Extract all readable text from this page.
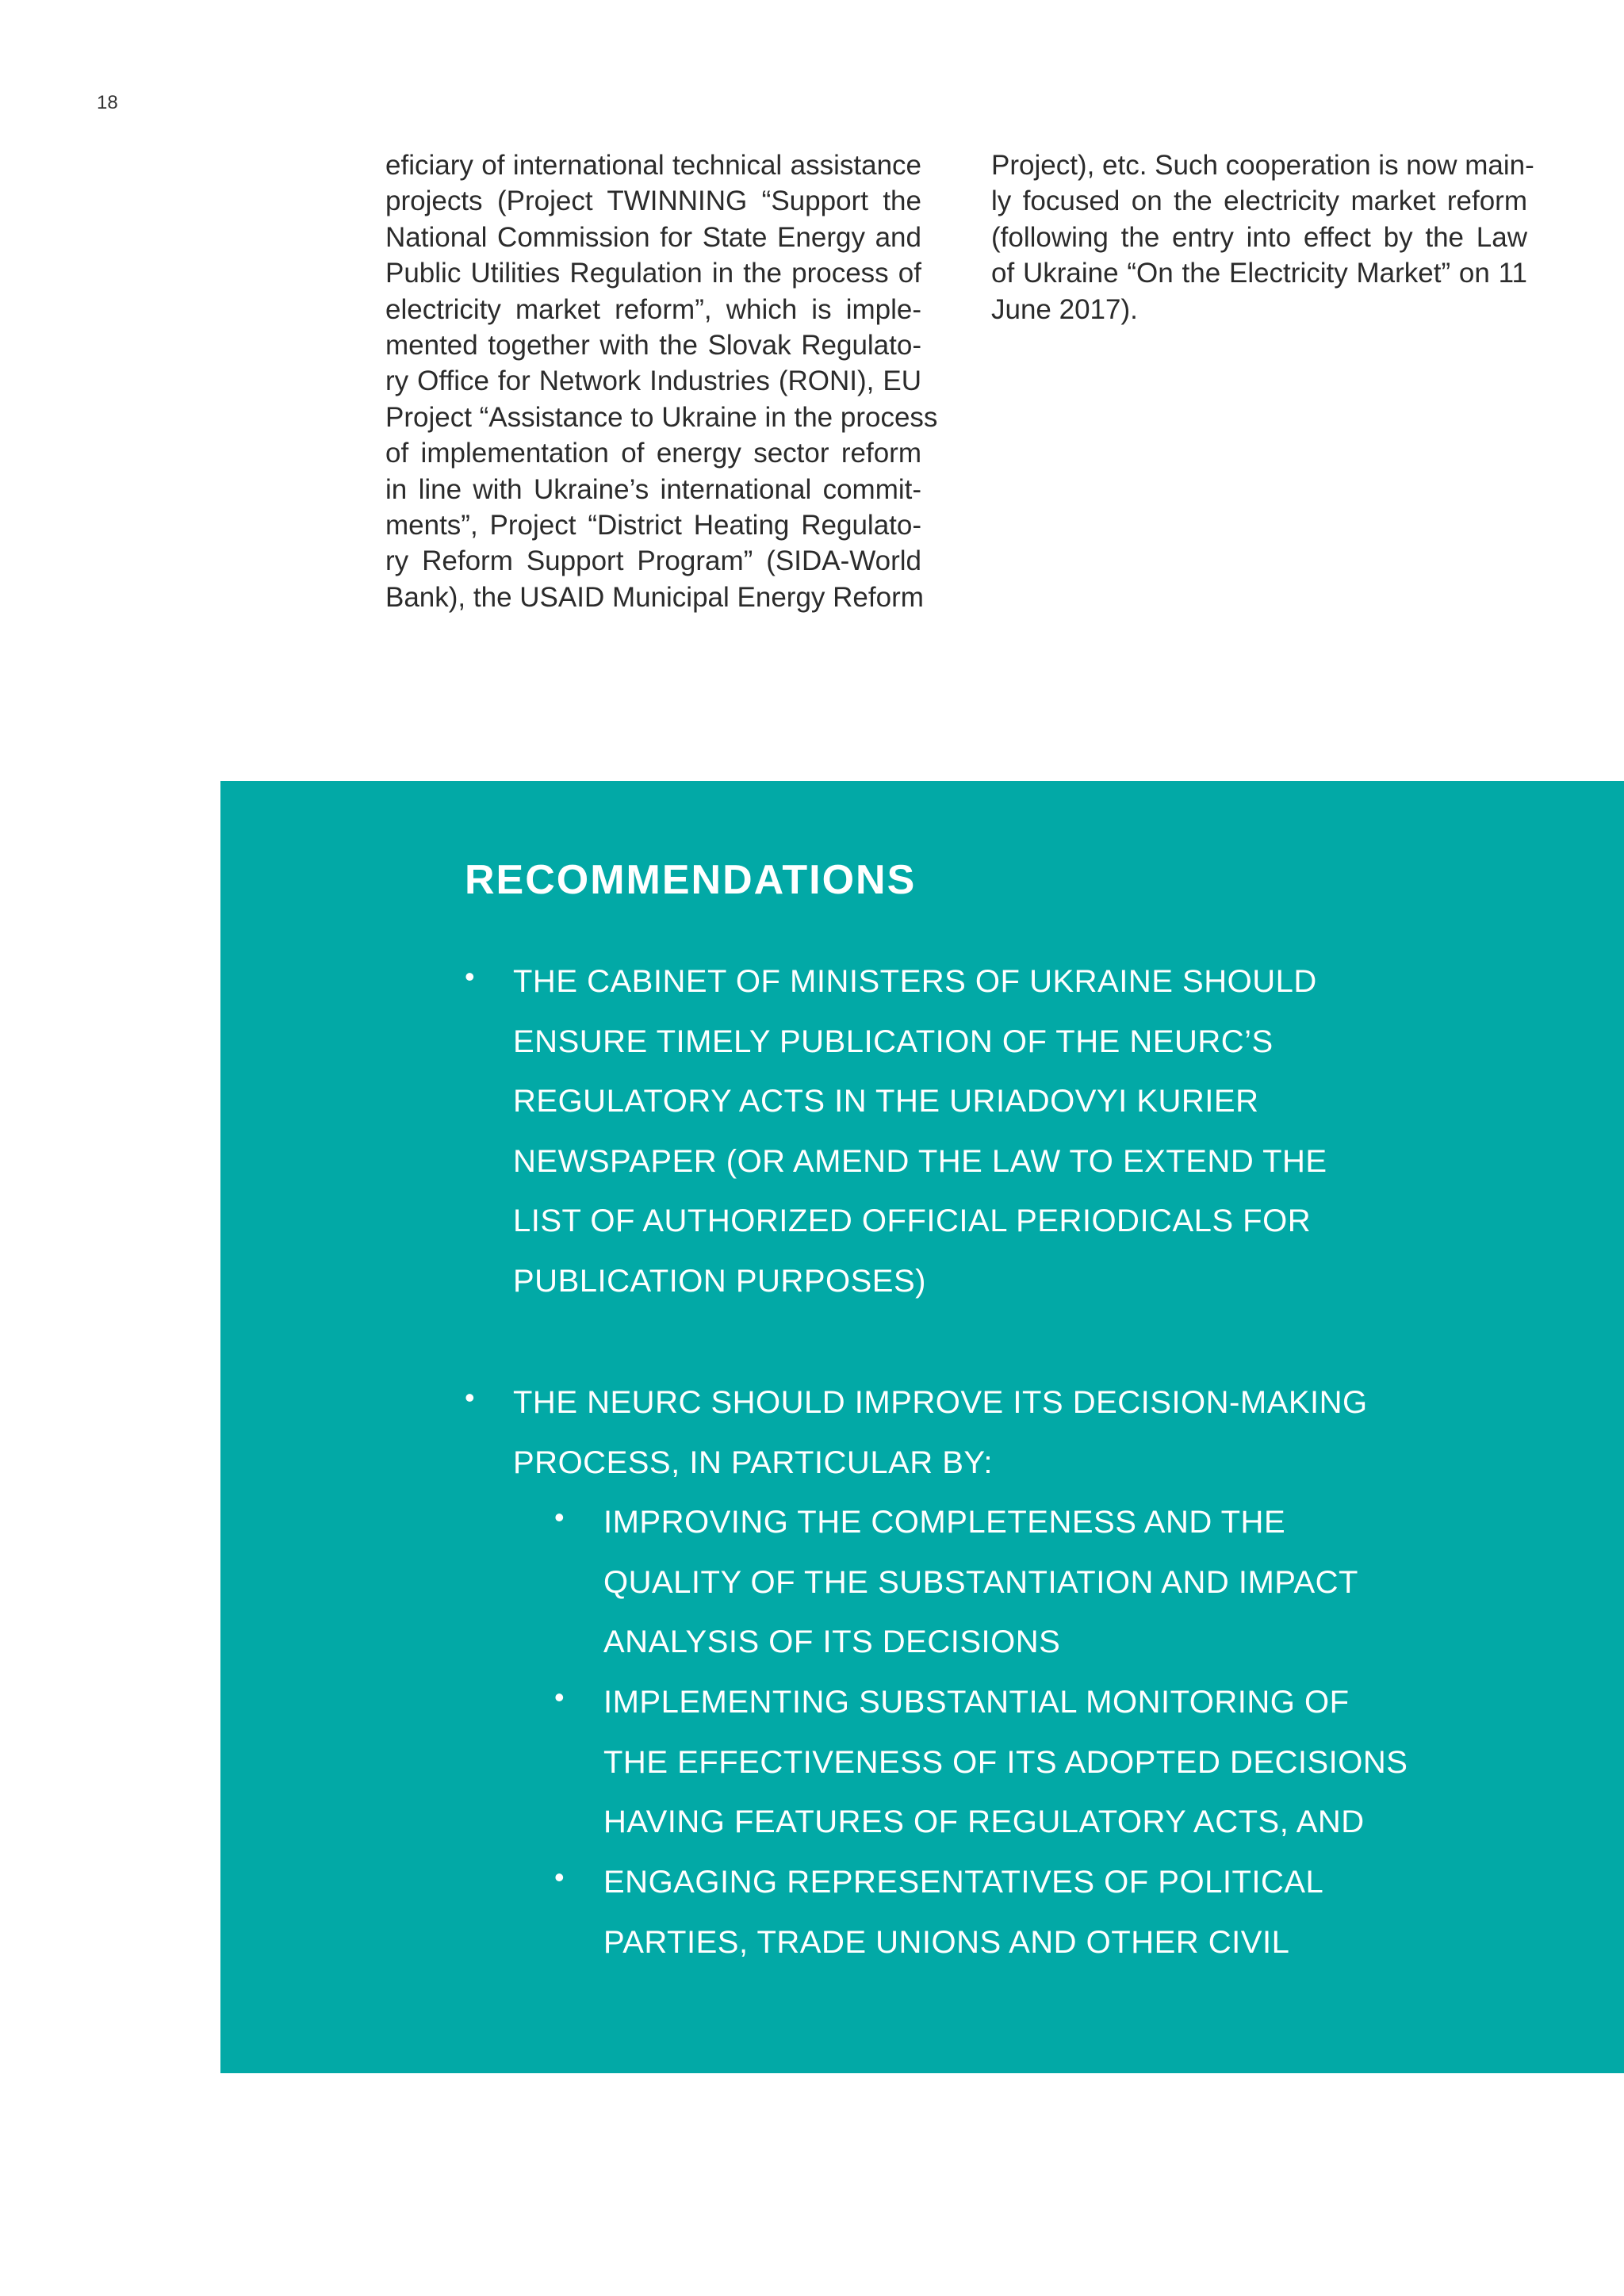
18
eficiary of international technical assistance
projects (Project TWINNING “Support the
National Commission for State Energy and
Public Utilities Regulation in the process of
electricity market reform”, which is imple-
mented together with the Slovak Regulato-
ry Office for Network Industries (RONI), EU
Project “Assistance to Ukraine in the process
of implementation of energy sector reform
in line with Ukraine’s international commit-
ments”, Project “District Heating Regulato-
ry Reform Support Program” (SIDA-World
Bank), the USAID Municipal Energy Reform
Project), etc. Such cooperation is now main-
ly focused on the electricity market reform
(following the entry into effect by the Law
of Ukraine “On the Electricity Market” on 11
June 2017).
RECOMMENDATIONS
• THE CABINET OF MINISTERS OF UKRAINE SHOULD
ENSURE TIMELY PUBLICATION OF THE NEURC’S
REGULATORY ACTS IN THE URIADOVYI KURIER
NEWSPAPER (OR AMEND THE LAW TO EXTEND THE
LIST OF AUTHORIZED OFFICIAL PERIODICALS FOR
PUBLICATION PURPOSES)
• THE NEURC SHOULD IMPROVE ITS DECISION-MAKING
PROCESS, IN PARTICULAR BY:
• IMPROVING THE COMPLETENESS AND THE
QUALITY OF THE SUBSTANTIATION AND IMPACT
ANALYSIS OF ITS DECISIONS
• IMPLEMENTING SUBSTANTIAL MONITORING OF
THE EFFECTIVENESS OF ITS ADOPTED DECISIONS
HAVING FEATURES OF REGULATORY ACTS, AND
• ENGAGING REPRESENTATIVES OF POLITICAL
PARTIES, TRADE UNIONS AND OTHER CIVIL
